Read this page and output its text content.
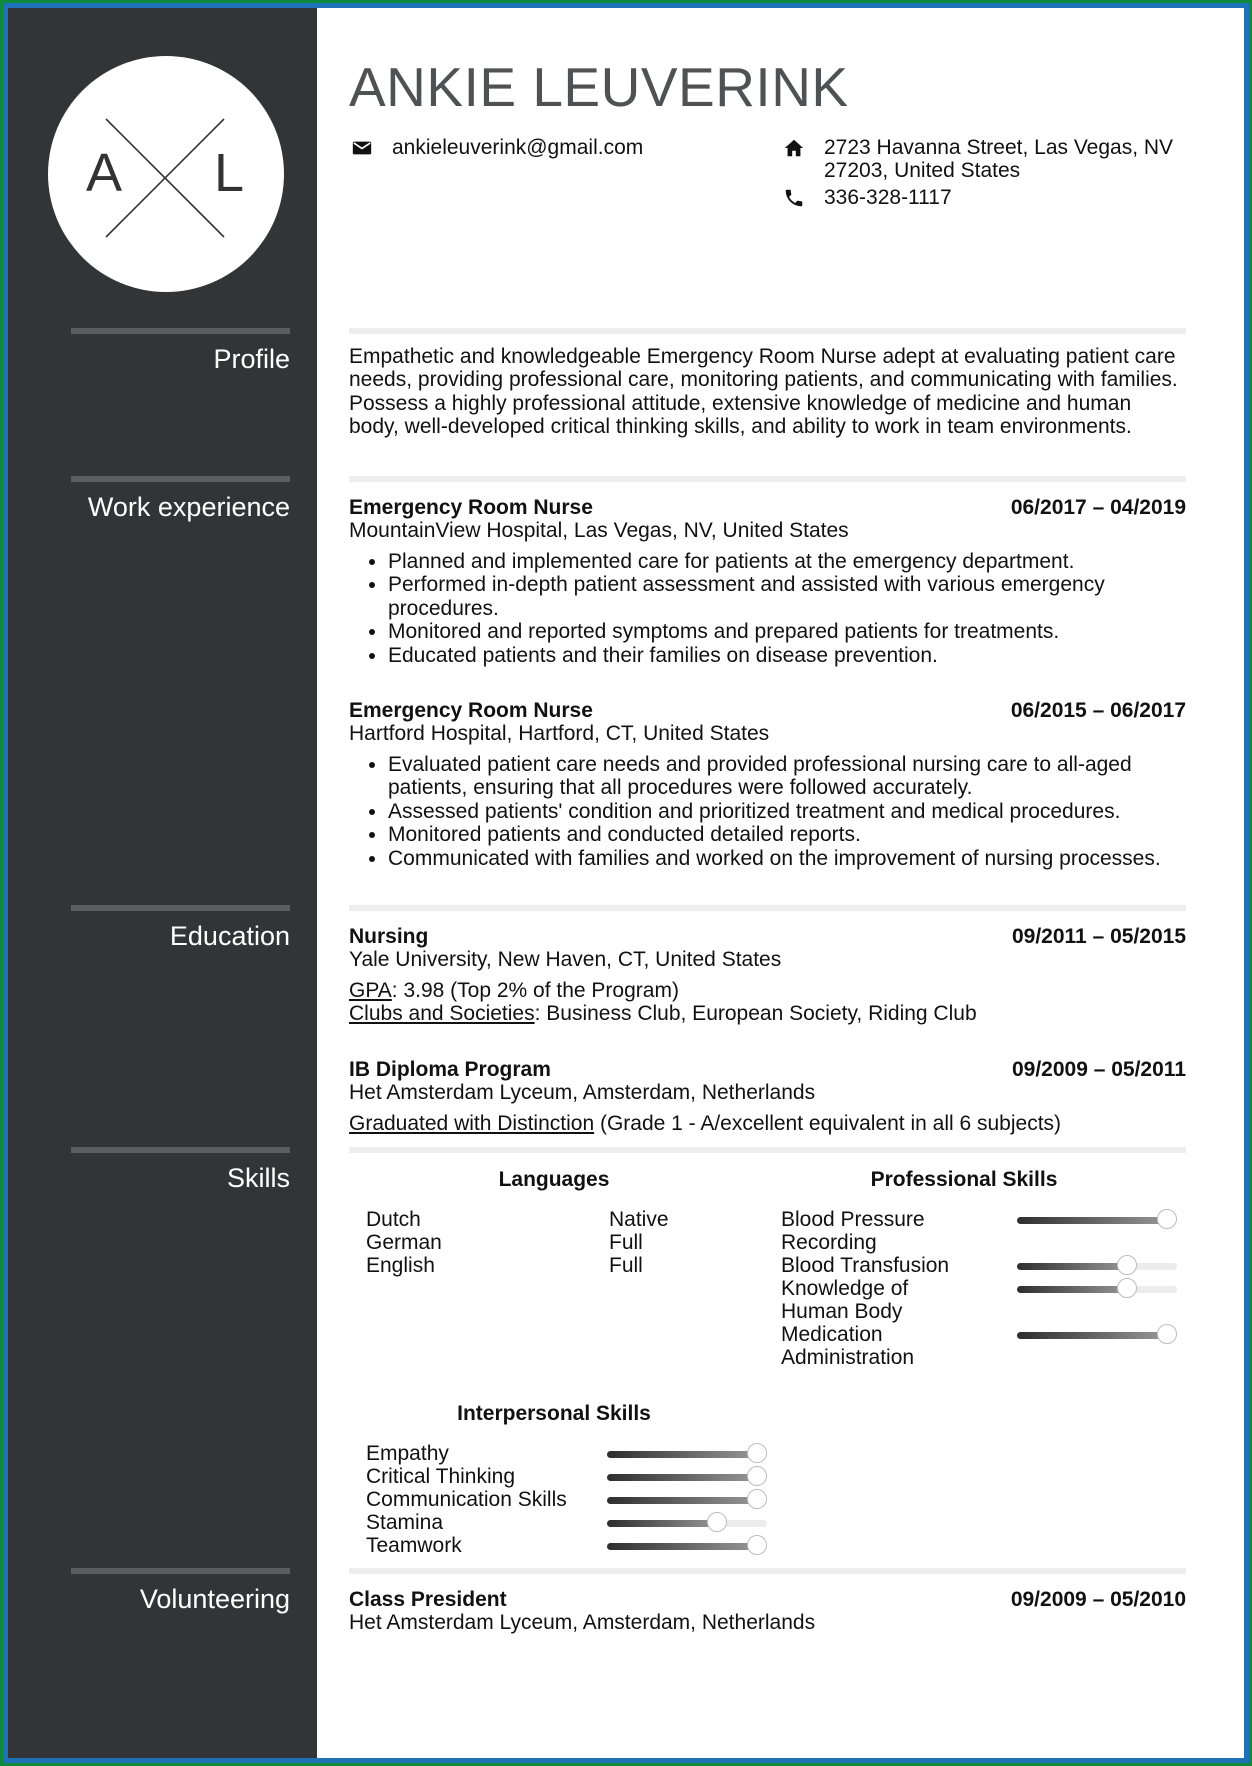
A L
Profile
Work experience
Education
Skills
Volunteering
ANKIE LEUVERINK
ankieleuverink@gmail.com	2723 Havanna Street, Las Vegas, NV 27203, United States
336-328-1117
Empathetic and knowledgeable Emergency Room Nurse adept at evaluating patient care needs, providing professional care, monitoring patients, and communicating with families. Possess a highly professional attitude, extensive knowledge of medicine and human body, well-developed critical thinking skills, and ability to work in team environments.
Emergency Room Nurse	06/2017 – 04/2019
MountainView Hospital, Las Vegas, NV, United States
• Planned and implemented care for patients at the emergency department.
• Performed in-depth patient assessment and assisted with various emergency procedures.
• Monitored and reported symptoms and prepared patients for treatments.
• Educated patients and their families on disease prevention.
Emergency Room Nurse	06/2015 – 06/2017
Hartford Hospital, Hartford, CT, United States
• Evaluated patient care needs and provided professional nursing care to all-aged patients, ensuring that all procedures were followed accurately.
• Assessed patients' condition and prioritized treatment and medical procedures.
• Monitored patients and conducted detailed reports.
• Communicated with families and worked on the improvement of nursing processes.
Nursing	09/2011 – 05/2015
Yale University, New Haven, CT, United States
GPA: 3.98 (Top 2% of the Program)
Clubs and Societies: Business Club, European Society, Riding Club
IB Diploma Program	09/2009 – 05/2011
Het Amsterdam Lyceum, Amsterdam, Netherlands
Graduated with Distinction (Grade 1 - A/excellent equivalent in all 6 subjects)
Languages	Professional Skills
Interpersonal Skills
Class President	09/2009 – 05/2010
Het Amsterdam Lyceum, Amsterdam, Netherlands
Dutch	Native
German	Full
English	Full
Blood Pressure Recording
Blood Transfusion
Knowledge of Human Body
Medication Administration
Empathy
Critical Thinking
Communication Skills
Stamina
Teamwork
